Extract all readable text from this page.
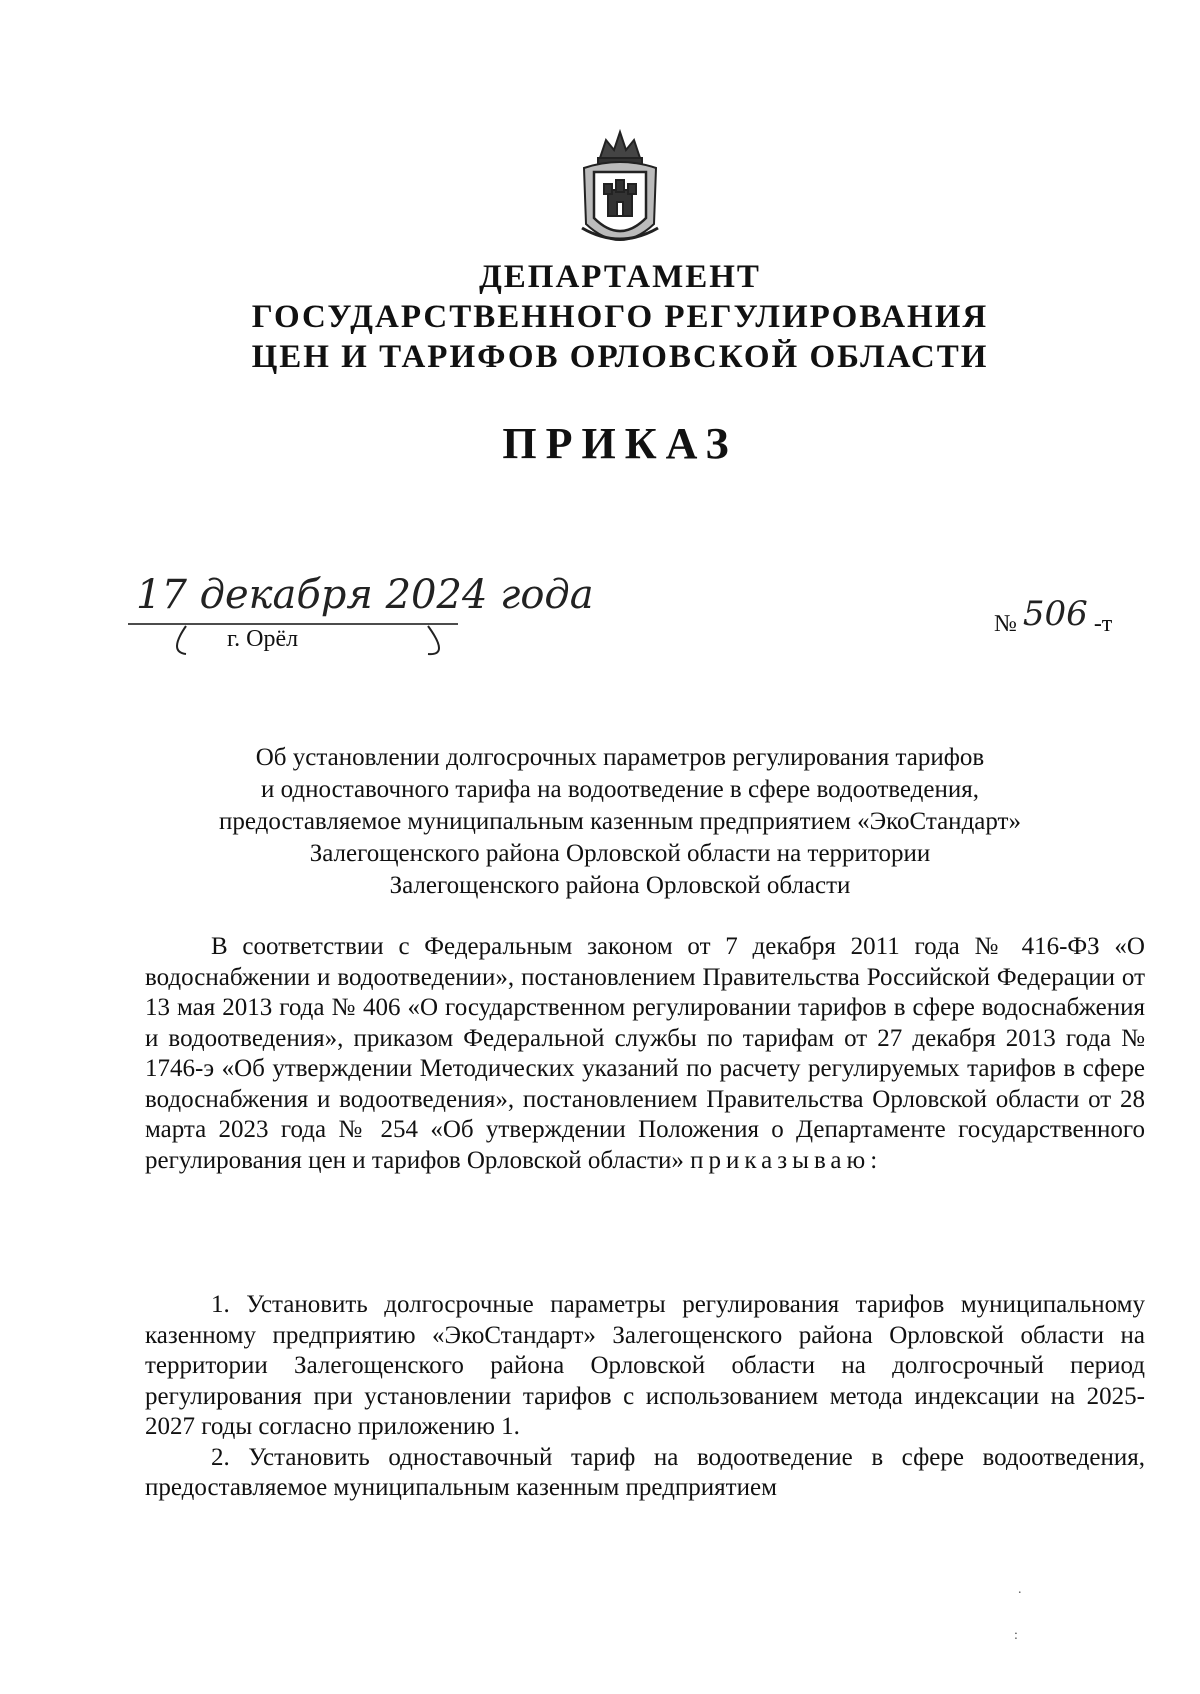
ДЕПАРТАМЕНТ
ГОСУДАРСТВЕННОГО РЕГУЛИРОВАНИЯ
ЦЕН И ТАРИФОВ ОРЛОВСКОЙ ОБЛАСТИ
ПРИКАЗ
17 декабря 2024 года
г. Орёл
№ 506 -т
Об установлении долгосрочных параметров регулирования тарифов
и одноставочного тарифа на водоотведение в сфере водоотведения,
предоставляемое муниципальным казенным предприятием «ЭкоСтандарт»
Залегощенского района Орловской области на территории
Залегощенского района Орловской области

В соответствии с Федеральным законом от 7 декабря 2011 года № 416-ФЗ «О водоснабжении и водоотведении», постановлением Правительства Российской Федерации от 13 мая 2013 года № 406 «О государственном регулировании тарифов в сфере водоснабжения и водоотведения», приказом Федеральной службы по тарифам от 27 декабря 2013 года № 1746-э «Об утверждении Методических указаний по расчету регулируемых тарифов в сфере водоснабжения и водоотведения», постановлением Правительства Орловской области от 28 марта 2023 года № 254 «Об утверждении Положения о Департаменте государственного регулирования цен и тарифов Орловской области» приказываю:

1. Установить долгосрочные параметры регулирования тарифов муниципальному казенному предприятию «ЭкоСтандарт» Залегощенского района Орловской области на территории Залегощенского района Орловской области на долгосрочный период регулирования при установлении тарифов с использованием метода индексации на 2025-2027 годы согласно приложению 1.

2. Установить одноставочный тариф на водоотведение в сфере водоотведения, предоставляемое муниципальным казенным предприятием

.
:
